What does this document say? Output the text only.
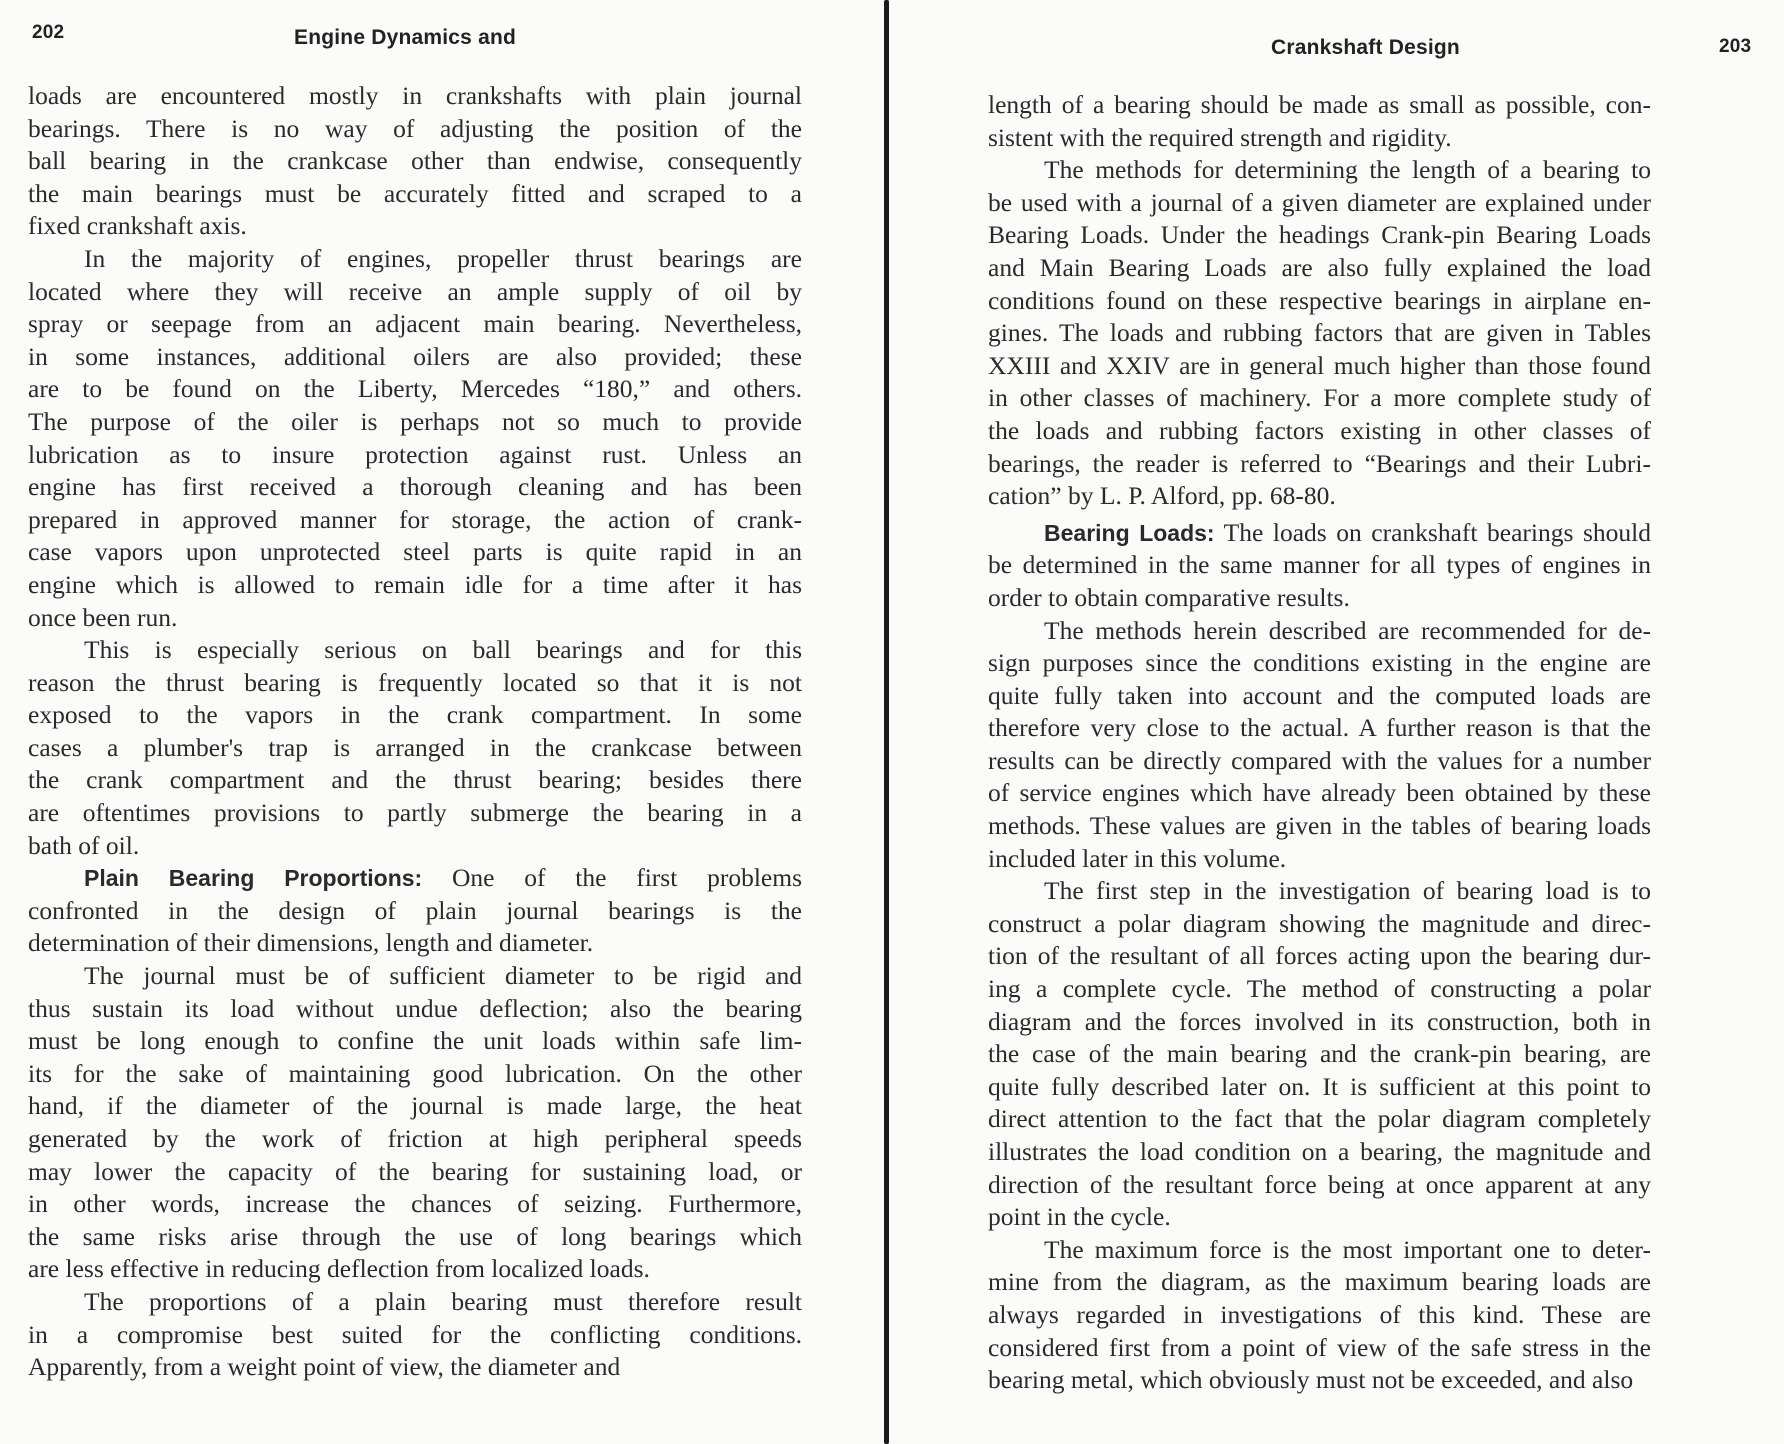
202	Engine Dynamics and
loads are encountered mostly in crankshafts with plain journal
bearings. There is no way of adjusting the position of the
ball bearing in the crankcase other than endwise, consequently
the main bearings must be accurately fitted and scraped to a
fixed crankshaft axis.
In the majority of engines, propeller thrust bearings are
located where they will receive an ample supply of oil by
spray or seepage from an adjacent main bearing. Nevertheless,
in some instances, additional oilers are also provided; these
are to be found on the Liberty, Mercedes “180,” and others.
The purpose of the oiler is perhaps not so much to provide
lubrication as to insure protection against rust. Unless an
engine has first received a thorough cleaning and has been
prepared in approved manner for storage, the action of crank-
case vapors upon unprotected steel parts is quite rapid in an
engine which is allowed to remain idle for a time after it has
once been run.
This is especially serious on ball bearings and for this
reason the thrust bearing is frequently located so that it is not
exposed to the vapors in the crank compartment. In some
cases a plumber's trap is arranged in the crankcase between
the crank compartment and the thrust bearing; besides there
are oftentimes provisions to partly submerge the bearing in a
bath of oil.
Plain Bearing Proportions: One of the first problems
confronted in the design of plain journal bearings is the
determination of their dimensions, length and diameter.
The journal must be of sufficient diameter to be rigid and
thus sustain its load without undue deflection; also the bearing
must be long enough to confine the unit loads within safe lim-
its for the sake of maintaining good lubrication. On the other
hand, if the diameter of the journal is made large, the heat
generated by the work of friction at high peripheral speeds
may lower the capacity of the bearing for sustaining load, or
in other words, increase the chances of seizing. Furthermore,
the same risks arise through the use of long bearings which
are less effective in reducing deflection from localized loads.
The proportions of a plain bearing must therefore result
in a compromise best suited for the conflicting conditions.
Apparently, from a weight point of view, the diameter and
Crankshaft Design	203
length of a bearing should be made as small as possible, con-
sistent with the required strength and rigidity.
The methods for determining the length of a bearing to
be used with a journal of a given diameter are explained under
Bearing Loads. Under the headings Crank-pin Bearing Loads
and Main Bearing Loads are also fully explained the load
conditions found on these respective bearings in airplane en-
gines. The loads and rubbing factors that are given in Tables
XXIII and XXIV are in general much higher than those found
in other classes of machinery. For a more complete study of
the loads and rubbing factors existing in other classes of
bearings, the reader is referred to “Bearings and their Lubri-
cation” by L. P. Alford, pp. 68-80.
Bearing Loads: The loads on crankshaft bearings should
be determined in the same manner for all types of engines in
order to obtain comparative results.
The methods herein described are recommended for de-
sign purposes since the conditions existing in the engine are
quite fully taken into account and the computed loads are
therefore very close to the actual. A further reason is that the
results can be directly compared with the values for a number
of service engines which have already been obtained by these
methods. These values are given in the tables of bearing loads
included later in this volume.
The first step in the investigation of bearing load is to
construct a polar diagram showing the magnitude and direc-
tion of the resultant of all forces acting upon the bearing dur-
ing a complete cycle. The method of constructing a polar
diagram and the forces involved in its construction, both in
the case of the main bearing and the crank-pin bearing, are
quite fully described later on. It is sufficient at this point to
direct attention to the fact that the polar diagram completely
illustrates the load condition on a bearing, the magnitude and
direction of the resultant force being at once apparent at any
point in the cycle.
The maximum force is the most important one to deter-
mine from the diagram, as the maximum bearing loads are
always regarded in investigations of this kind. These are
considered first from a point of view of the safe stress in the
bearing metal, which obviously must not be exceeded, and also
